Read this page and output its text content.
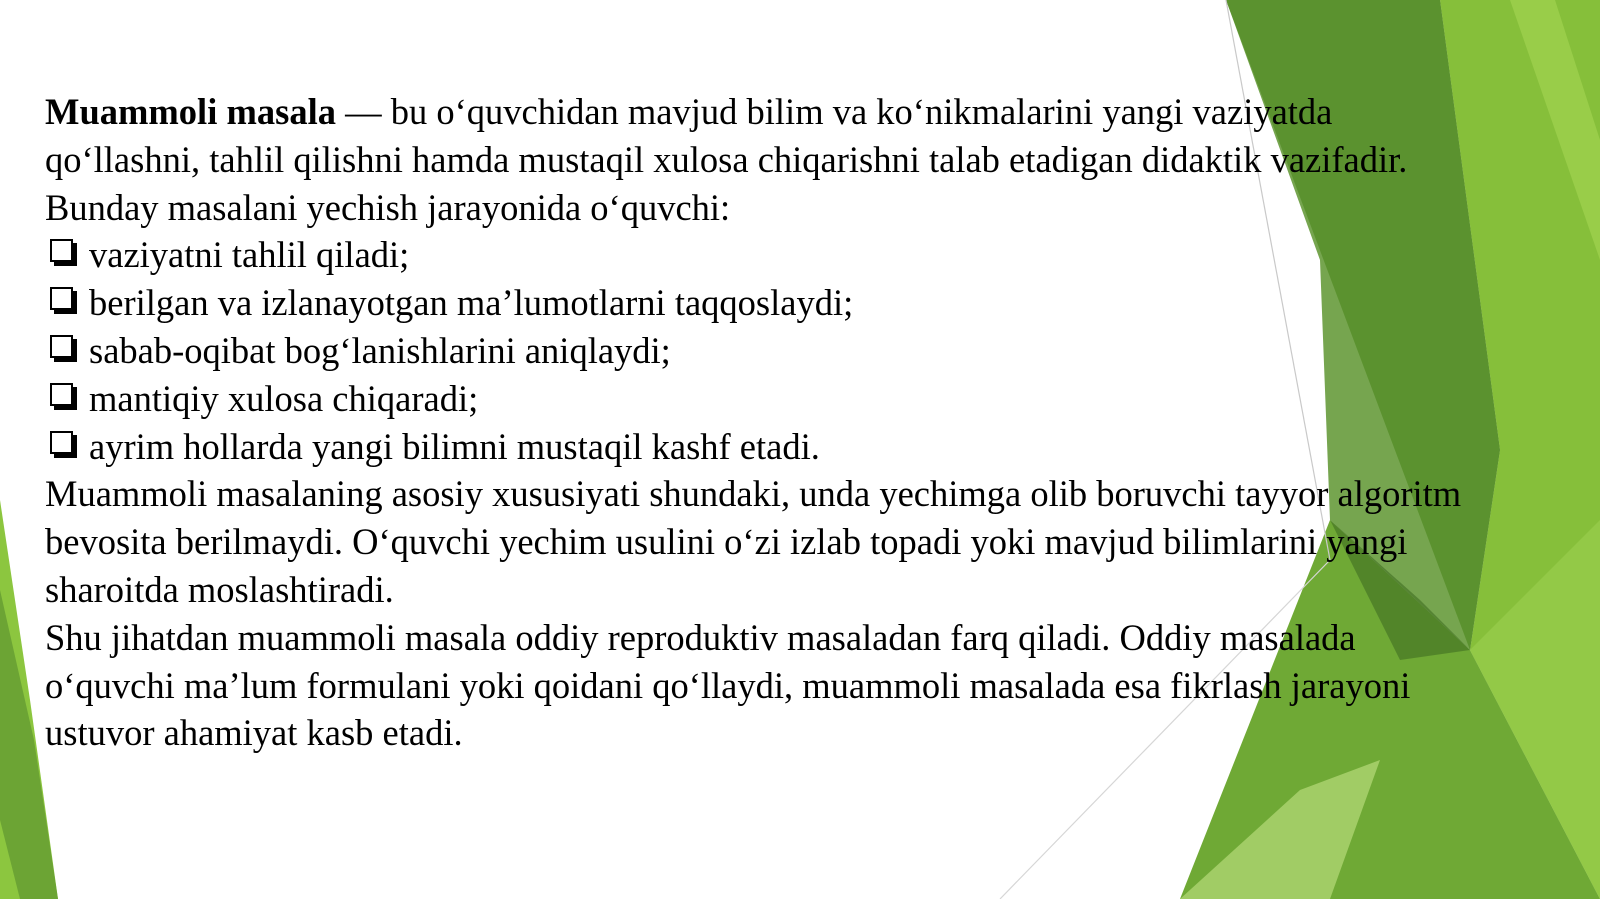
Muammoli masala — bu o‘quvchidan mavjud bilim va ko‘nikmalarini yangi vaziyatda qo‘llashni, tahlil qilishni hamda mustaqil xulosa chiqarishni talab etadigan didaktik vazifadir.

Bunday masalani yechish jarayonida o‘quvchi:

vaziyatni tahlil qiladi;
berilgan va izlanayotgan ma’lumotlarni taqqoslaydi;
sabab-oqibat bog‘lanishlarini aniqlaydi;
mantiqiy xulosa chiqaradi;
ayrim hollarda yangi bilimni mustaqil kashf etadi.

Muammoli masalaning asosiy xususiyati shundaki, unda yechimga olib boruvchi tayyor algoritm bevosita berilmaydi. O‘quvchi yechim usulini o‘zi izlab topadi yoki mavjud bilimlarini yangi sharoitda moslashtiradi.

Shu jihatdan muammoli masala oddiy reproduktiv masaladan farq qiladi. Oddiy masalada o‘quvchi ma’lum formulani yoki qoidani qo‘llaydi, muammoli masalada esa fikrlash jarayoni ustuvor ahamiyat kasb etadi.
